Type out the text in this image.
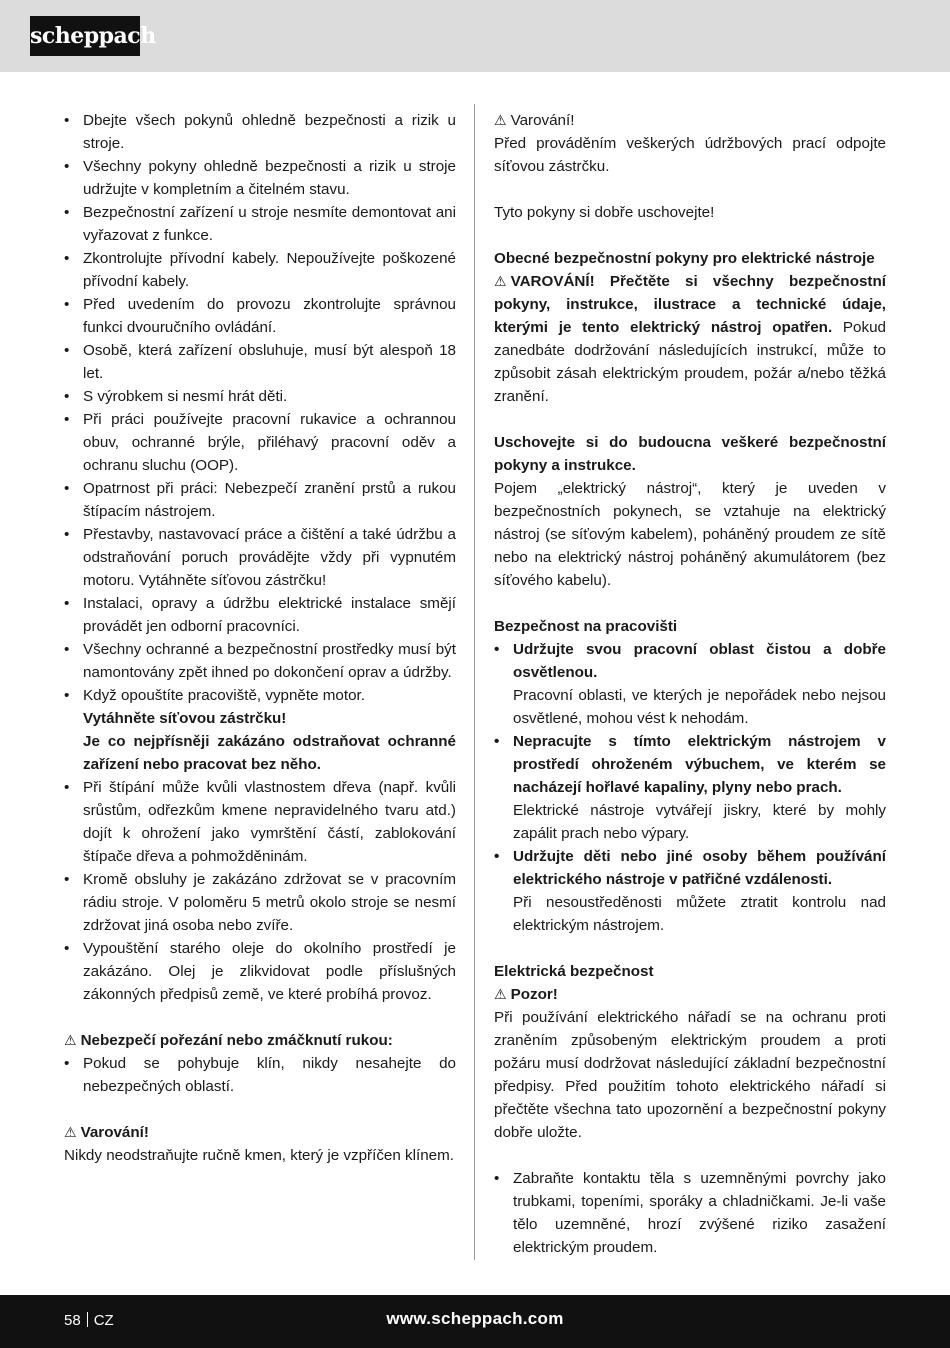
scheppach
• Dbejte všech pokynů ohledně bezpečnosti a rizik u stroje.
• Všechny pokyny ohledně bezpečnosti a rizik u stroje udržujte v kompletním a čitelném stavu.
• Bezpečnostní zařízení u stroje nesmíte demontovat ani vyřazovat z funkce.
• Zkontrolujte přívodní kabely. Nepoužívejte poškozené přívodní kabely.
• Před uvedením do provozu zkontrolujte správnou funkci dvouručního ovládání.
• Osobě, která zařízení obsluhuje, musí být alespoň 18 let.
• S výrobkem si nesmí hrát děti.
• Při práci používejte pracovní rukavice a ochrannou obuv, ochranné brýle, přiléhavý pracovní oděv a ochranu sluchu (OOP).
• Opatrnost při práci: Nebezpečí zranění prstů a rukou štípacím nástrojem.
• Přestavby, nastavovací práce a čištění a také údržbu a odstraňování poruch provádějte vždy při vypnutém motoru. Vytáhněte síťovou zástrčku!
• Instalaci, opravy a údržbu elektrické instalace smějí provádět jen odborní pracovníci.
• Všechny ochranné a bezpečnostní prostředky musí být namontovány zpět ihned po dokončení oprav a údržby.
• Když opouštíte pracoviště, vypněte motor.
Vytáhněte síťovou zástrčku!
Je co nejpřísněji zakázáno odstraňovat ochranné zařízení nebo pracovat bez něho.
• Při štípání může kvůli vlastnostem dřeva (např. kvůli srůstům, odřezkům kmene nepravidelného tvaru atd.) dojít k ohrožení jako vymrštění částí, zablokování štípače dřeva a pohmožděninám.
• Kromě obsluhy je zakázáno zdržovat se v pracovním rádiu stroje. V poloměru 5 metrů okolo stroje se nesmí zdržovat jiná osoba nebo zvíře.
• Vypouštění starého oleje do okolního prostředí je zakázáno. Olej je zlikvidovat podle příslušných zákonných předpisů země, ve které probíhá provoz.
⚠ Nebezpečí pořezání nebo zmáčknutí rukou:
• Pokud se pohybuje klín, nikdy nesahejte do nebezpečných oblastí.
⚠ Varování!
Nikdy neodstraňujte ručně kmen, který je vzpříčen klínem.
⚠ Varování!
Před prováděním veškerých údržbových prací odpojte síťovou zástrčku.
Tyto pokyny si dobře uschovejte!
Obecné bezpečnostní pokyny pro elektrické nástroje
⚠ VAROVÁNÍ! Přečtěte si všechny bezpečnostní pokyny, instrukce, ilustrace a technické údaje, kterými je tento elektrický nástroj opatřen. Pokud zanedbáte dodržování následujících instrukcí, může to způsobit zásah elektrickým proudem, požár a/nebo těžká zranění.
Uschovejte si do budoucna veškeré bezpečnostní pokyny a instrukce.
Pojem „elektrický nástroj“, který je uveden v bezpečnostních pokynech, se vztahuje na elektrický nástroj (se síťovým kabelem), poháněný proudem ze sítě nebo na elektrický nástroj poháněný akumulátorem (bez síťového kabelu).
Bezpečnost na pracovišti
• Udržujte svou pracovní oblast čistou a dobře osvětlenou.
Pracovní oblasti, ve kterých je nepořádek nebo nejsou osvětlené, mohou vést k nehodám.
• Nepracujte s tímto elektrickým nástrojem v prostředí ohroženém výbuchem, ve kterém se nacházejí hořlavé kapaliny, plyny nebo prach.
Elektrické nástroje vytvářejí jiskry, které by mohly zapálit prach nebo výpary.
• Udržujte děti nebo jiné osoby během používání elektrického nástroje v patřičné vzdálenosti.
Při nesoustředěnosti můžete ztratit kontrolu nad elektrickým nástrojem.
Elektrická bezpečnost
⚠ Pozor!
Při používání elektrického nářadí se na ochranu proti zraněním způsobeným elektrickým proudem a proti požáru musí dodržovat následující základní bezpečnostní předpisy. Před použitím tohoto elektrického nářadí si přečtěte všechna tato upozornění a bezpečnostní pokyny dobře uložte.
• Zabraňte kontaktu těla s uzemněnými povrchy jako trubkami, topeními, sporáky a chladničkami. Je-li vaše tělo uzemněné, hrozí zvýšené riziko zasažení elektrickým proudem.
58 CZ	www.scheppach.com
